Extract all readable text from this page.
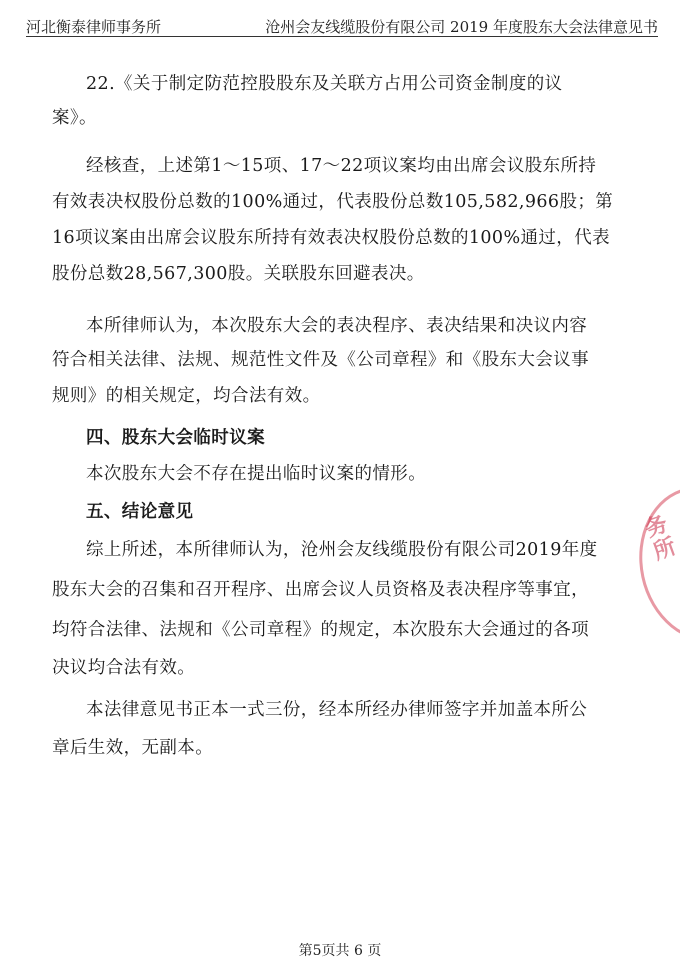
河北衡泰律师事务所	沧州会友线缆股份有限公司 2019 年度股东大会法律意见书
22.《关于制定防范控股股东及关联方占用公司资金制度的议
案》。
经核查，上述第1～15项、17～22项议案均由出席会议股东所持
有效表决权股份总数的100%通过，代表股份总数105,582,966股；第
16项议案由出席会议股东所持有效表决权股份总数的100%通过，代表
股份总数28,567,300股。关联股东回避表决。
本所律师认为，本次股东大会的表决程序、表决结果和决议内容
符合相关法律、法规、规范性文件及《公司章程》和《股东大会议事
规则》的相关规定，均合法有效。
四、股东大会临时议案
本次股东大会不存在提出临时议案的情形。
五、结论意见
综上所述，本所律师认为，沧州会友线缆股份有限公司2019年度
股东大会的召集和召开程序、出席会议人员资格及表决程序等事宜，
均符合法律、法规和《公司章程》的规定，本次股东大会通过的各项
决议均合法有效。
本法律意见书正本一式三份，经本所经办律师签字并加盖本所公
章后生效，无副本。
务所
第5页共 6 页
